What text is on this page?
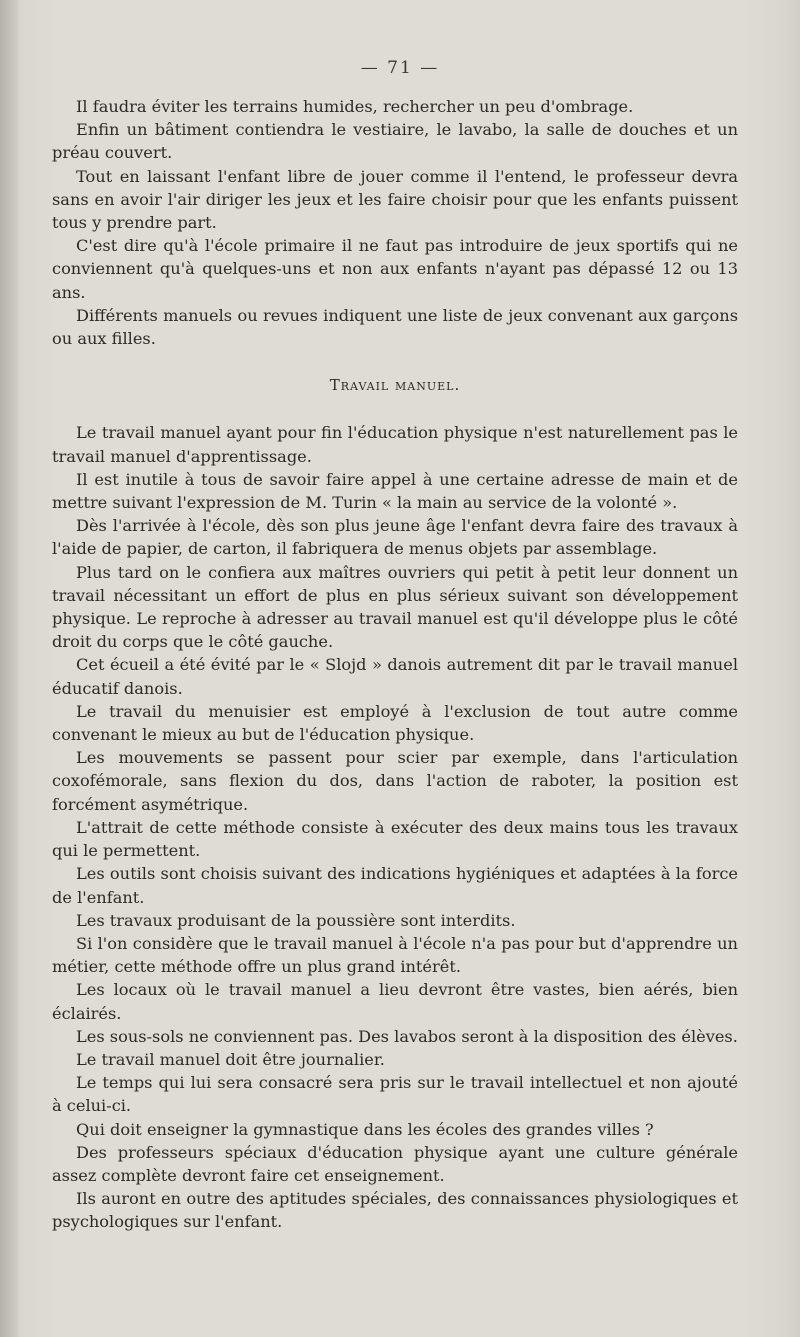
— 71 —

Il faudra éviter les terrains humides, rechercher un peu d'ombrage.

Enfin un bâtiment contiendra le vestiaire, le lavabo, la salle de douches et un préau couvert.

Tout en laissant l'enfant libre de jouer comme il l'entend, le professeur devra sans en avoir l'air diriger les jeux et les faire choisir pour que les enfants puissent tous y prendre part.

C'est dire qu'à l'école primaire il ne faut pas introduire de jeux sportifs qui ne conviennent qu'à quelques-uns et non aux enfants n'ayant pas dépassé 12 ou 13 ans.

Différents manuels ou revues indiquent une liste de jeux convenant aux garçons ou aux filles.

Travail manuel.

Le travail manuel ayant pour fin l'éducation physique n'est naturellement pas le travail manuel d'apprentissage.

Il est inutile à tous de savoir faire appel à une certaine adresse de main et de mettre suivant l'expression de M. Turin « la main au service de la volonté ».

Dès l'arrivée à l'école, dès son plus jeune âge l'enfant devra faire des travaux à l'aide de papier, de carton, il fabriquera de menus objets par assemblage.

Plus tard on le confiera aux maîtres ouvriers qui petit à petit leur donnent un travail nécessitant un effort de plus en plus sérieux suivant son développement physique. Le reproche à adresser au travail manuel est qu'il développe plus le côté droit du corps que le côté gauche.

Cet écueil a été évité par le « Slojd » danois autrement dit par le travail manuel éducatif danois.

Le travail du menuisier est employé à l'exclusion de tout autre comme convenant le mieux au but de l'éducation physique.

Les mouvements se passent pour scier par exemple, dans l'articulation coxofémorale, sans flexion du dos, dans l'action de raboter, la position est forcément asymétrique.

L'attrait de cette méthode consiste à exécuter des deux mains tous les travaux qui le permettent.

Les outils sont choisis suivant des indications hygiéniques et adaptées à la force de l'enfant.

Les travaux produisant de la poussière sont interdits.

Si l'on considère que le travail manuel à l'école n'a pas pour but d'apprendre un métier, cette méthode offre un plus grand intérêt.

Les locaux où le travail manuel a lieu devront être vastes, bien aérés, bien éclairés.

Les sous-sols ne conviennent pas. Des lavabos seront à la disposition des élèves.

Le travail manuel doit être journalier.

Le temps qui lui sera consacré sera pris sur le travail intellectuel et non ajouté à celui-ci.

Qui doit enseigner la gymnastique dans les écoles des grandes villes ?

Des professeurs spéciaux d'éducation physique ayant une culture générale assez complète devront faire cet enseignement.

Ils auront en outre des aptitudes spéciales, des connaissances physiologiques et psychologiques sur l'enfant.
